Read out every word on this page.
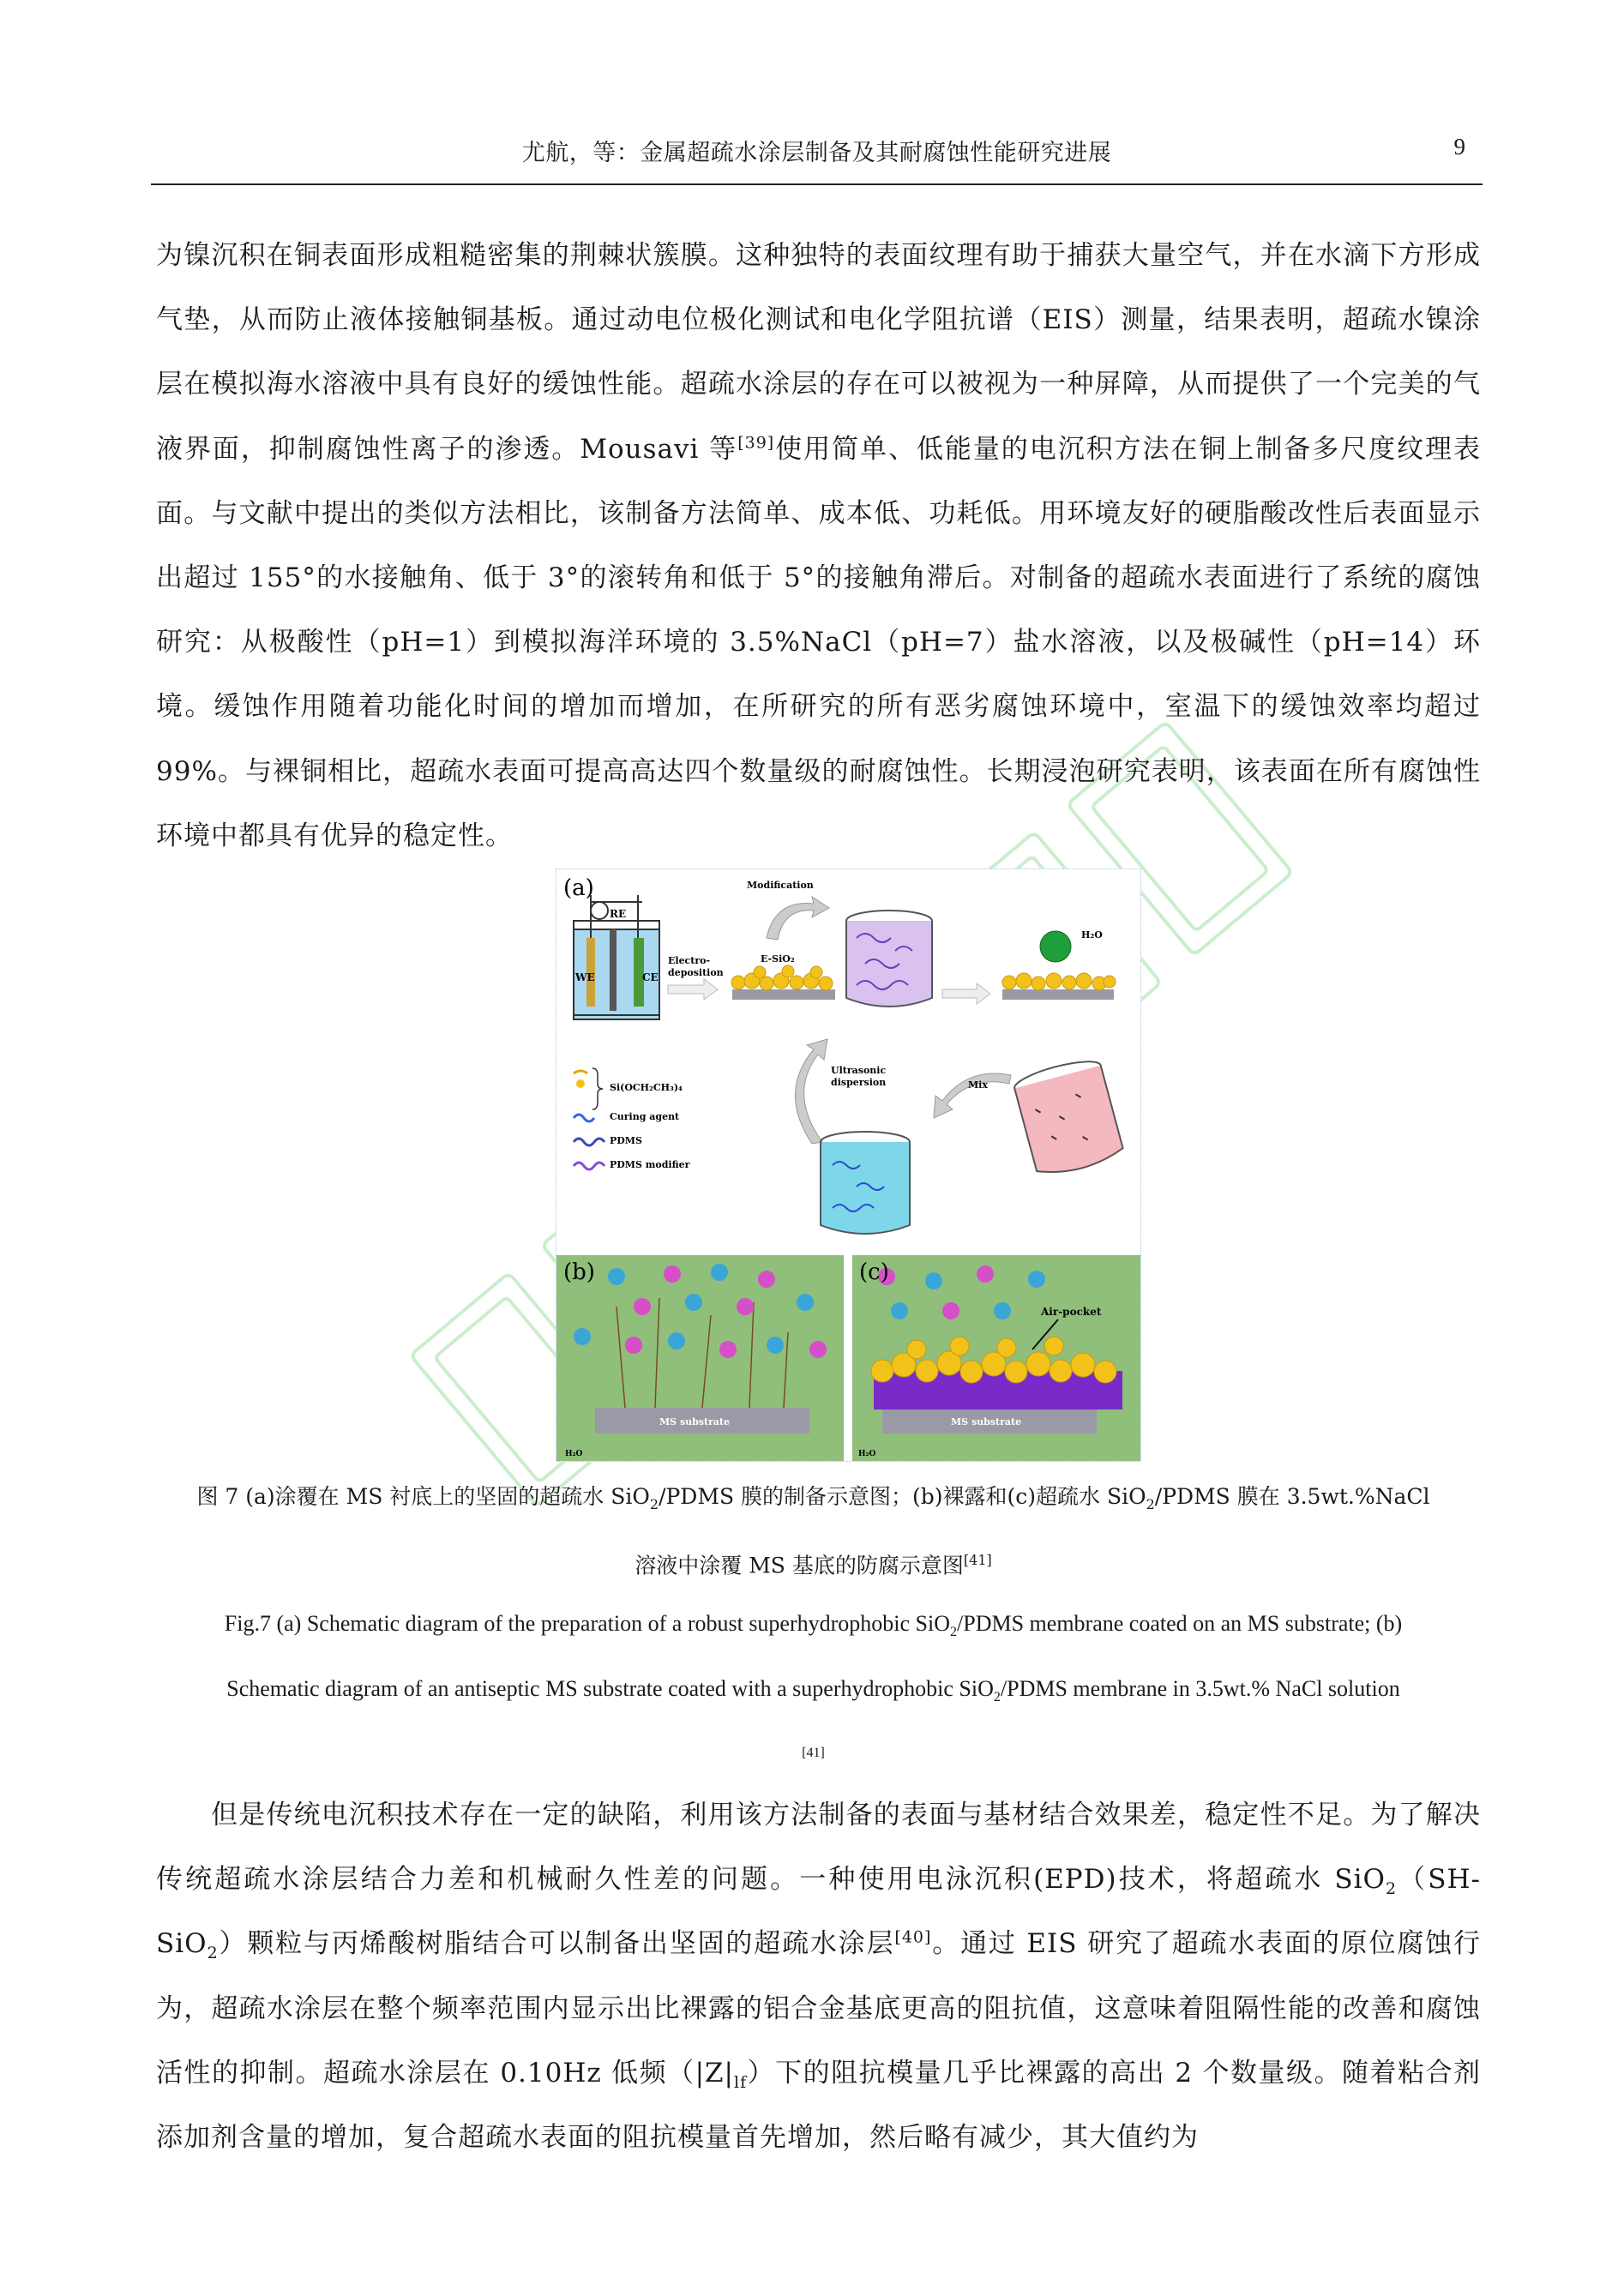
尤航，等：金属超疏水涂层制备及其耐腐蚀性能研究进展	9

为镍沉积在铜表面形成粗糙密集的荆棘状簇膜。这种独特的表面纹理有助于捕获大量空气，并在水滴下方形成气垫，从而防止液体接触铜基板。通过动电位极化测试和电化学阻抗谱（EIS）测量，结果表明，超疏水镍涂层在模拟海水溶液中具有良好的缓蚀性能。超疏水涂层的存在可以被视为一种屏障，从而提供了一个完美的气液界面，抑制腐蚀性离子的渗透。Mousavi 等[39]使用简单、低能量的电沉积方法在铜上制备多尺度纹理表面。与文献中提出的类似方法相比，该制备方法简单、成本低、功耗低。用环境友好的硬脂酸改性后表面显示出超过 155°的水接触角、低于 3°的滚转角和低于 5°的接触角滞后。对制备的超疏水表面进行了系统的腐蚀研究：从极酸性（pH=1）到模拟海洋环境的 3.5%NaCl（pH=7）盐水溶液，以及极碱性（pH=14）环境。缓蚀作用随着功能化时间的增加而增加，在所研究的所有恶劣腐蚀环境中，室温下的缓蚀效率均超过 99%。与裸铜相比，超疏水表面可提高高达四个数量级的耐腐蚀性。长期浸泡研究表明，该表面在所有腐蚀性环境中都具有优异的稳定性。

(a)
RE
WE	CE
Electro-
deposition
E-SiO₂
Modification
H₂O
Si(OCH₂CH₃)₄
Curing agent
PDMS
PDMS modifier
Ultrasonic
dispersion	Mix
(b)
MS substrate
H₂O
(c)
Air-pocket
MS substrate
H₂O
图 7 (a)涂覆在 MS 衬底上的坚固的超疏水 SiO$_2$/PDMS 膜的制备示意图；(b)裸露和(c)超疏水 SiO$_2$/PDMS 膜在 3.5wt.%NaCl
溶液中涂覆 MS 基底的防腐示意图[41]
Fig.7 (a) Schematic diagram of the preparation of a robust superhydrophobic SiO$_2$/PDMS membrane coated on an MS substrate; (b)
Schematic diagram of an antiseptic MS substrate coated with a superhydrophobic SiO$_2$/PDMS membrane in 3.5wt.% NaCl solution
[41]

但是传统电沉积技术存在一定的缺陷，利用该方法制备的表面与基材结合效果差，稳定性不足。为了解决传统超疏水涂层结合力差和机械耐久性差的问题。一种使用电泳沉积(EPD)技术，将超疏水 SiO$_2$（SH-SiO$_2$）颗粒与丙烯酸树脂结合可以制备出坚固的超疏水涂层[40]。通过 EIS 研究了超疏水表面的原位腐蚀行为，超疏水涂层在整个频率范围内显示出比裸露的铝合金基底更高的阻抗值，这意味着阻隔性能的改善和腐蚀活性的抑制。超疏水涂层在 0.10Hz 低频$(|Z|_{lf})$下的阻抗模量几乎比裸露的高出 2 个数量级。随着粘合剂添加剂含量的增加，复合超疏水表面的阻抗模量首先增加，然后略有减少，其大值约为
